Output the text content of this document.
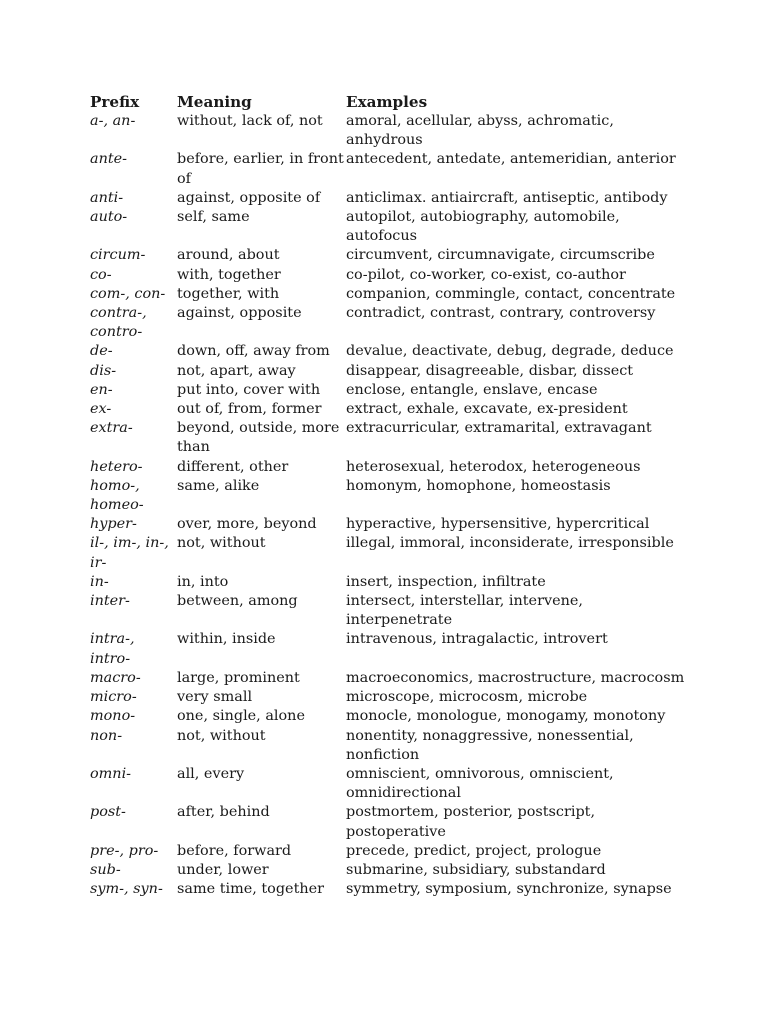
Prefix	Meaning	Examples
a-, an-	without, lack of, not	amoral, acellular, abyss, achromatic, anhydrous
ante-	before, earlier, in front of	antecedent, antedate, antemeridian, anterior
anti-	against, opposite of	anticlimax. antiaircraft, antiseptic, antibody
auto-	self, same	autopilot, autobiography, automobile, autofocus
circum-	around, about	circumvent, circumnavigate, circumscribe
co-	with, together	co-pilot, co-worker, co-exist, co-author
com-, con-	together, with	companion, commingle, contact, concentrate
contra-, contro-	against, opposite	contradict, contrast, contrary, controversy
de-	down, off, away from	devalue, deactivate, debug, degrade, deduce
dis-	not, apart, away	disappear, disagreeable, disbar, dissect
en-	put into, cover with	enclose, entangle, enslave, encase
ex-	out of, from, former	extract, exhale, excavate, ex-president
extra-	beyond, outside, more than	extracurricular, extramarital, extravagant
hetero-	different, other	heterosexual, heterodox, heterogeneous
homo-, homeo-	same, alike	homonym, homophone, homeostasis
hyper-	over, more, beyond	hyperactive, hypersensitive, hypercritical
il-, im-, in-, ir-	not, without	illegal, immoral, inconsiderate, irresponsible
in-	in, into	insert, inspection, infiltrate
inter-	between, among	intersect, interstellar, intervene, interpenetrate
intra-, intro-	within, inside	intravenous, intragalactic, introvert
macro-	large, prominent	macroeconomics, macrostructure, macrocosm
micro-	very small	microscope, microcosm, microbe
mono-	one, single, alone	monocle, monologue, monogamy, monotony
non-	not, without	nonentity, nonaggressive, nonessential, nonfiction
omni-	all, every	omniscient, omnivorous, omniscient, omnidirectional
post-	after, behind	postmortem, posterior, postscript, postoperative
pre-, pro-	before, forward	precede, predict, project, prologue
sub-	under, lower	submarine, subsidiary, substandard
sym-, syn-	same time, together	symmetry, symposium, synchronize, synapse
